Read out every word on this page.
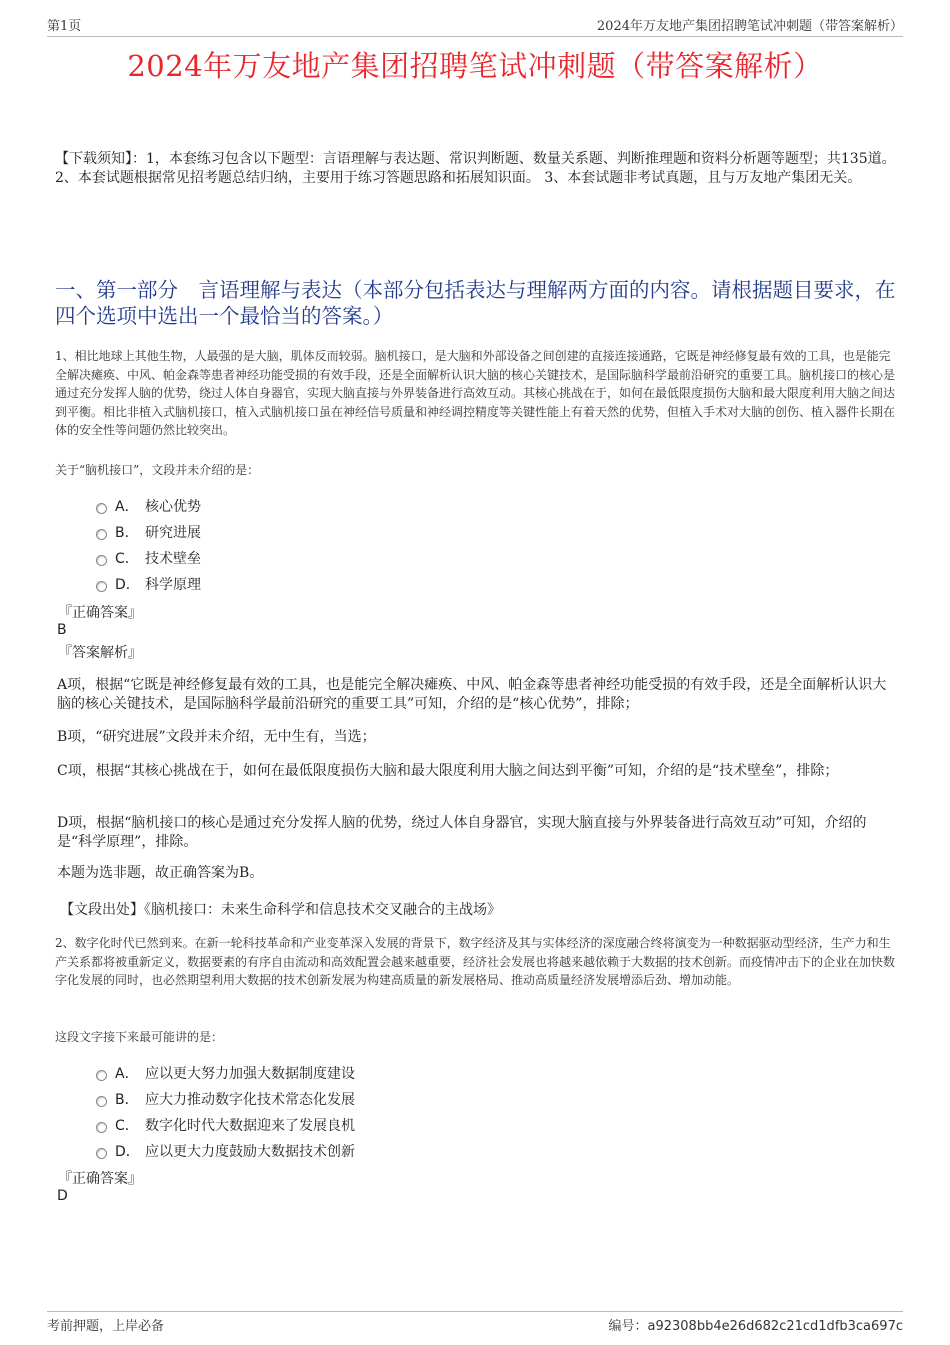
第1页	2024年万友地产集团招聘笔试冲刺题（带答案解析）
2024年万友地产集团招聘笔试冲刺题（带答案解析）
【下载须知】：1，本套练习包含以下题型：言语理解与表达题、常识判断题、数量关系题、判断推理题和资料分析题等题型；共135道。 2、本套试题根据常见招考题总结归纳，主要用于练习答题思路和拓展知识面。 3、本套试题非考试真题，且与万友地产集团无关。
一、第一部分　言语理解与表达（本部分包括表达与理解两方面的内容。请根据题目要求，在四个选项中选出一个最恰当的答案。）
1、相比地球上其他生物，人最强的是大脑，肌体反而较弱。脑机接口，是大脑和外部设备之间创建的直接连接通路，它既是神经修复最有效的工具，也是能完全解决瘫痪、中风、帕金森等患者神经功能受损的有效手段，还是全面解析认识大脑的核心关键技术，是国际脑科学最前沿研究的重要工具。脑机接口的核心是通过充分发挥人脑的优势，绕过人体自身器官，实现大脑直接与外界装备进行高效互动。其核心挑战在于，如何在最低限度损伤大脑和最大限度利用大脑之间达到平衡。相比非植入式脑机接口，植入式脑机接口虽在神经信号质量和神经调控精度等关键性能上有着天然的优势，但植入手术对大脑的创伤、植入器件长期在体的安全性等问题仍然比较突出。
关于“脑机接口”，文段并未介绍的是：
A． 核心优势
B． 研究进展
C． 技术壁垒
D． 科学原理
『正确答案』
B
『答案解析』
A项，根据“它既是神经修复最有效的工具，也是能完全解决瘫痪、中风、帕金森等患者神经功能受损的有效手段，还是全面解析认识大脑的核心关键技术，是国际脑科学最前沿研究的重要工具”可知，介绍的是“核心优势”，排除；
B项，“研究进展”文段并未介绍，无中生有，当选；
C项，根据“其核心挑战在于，如何在最低限度损伤大脑和最大限度利用大脑之间达到平衡”可知，介绍的是“技术壁垒”，排除；
D项，根据“脑机接口的核心是通过充分发挥人脑的优势，绕过人体自身器官，实现大脑直接与外界装备进行高效互动”可知，介绍的是“科学原理”，排除。
本题为选非题，故正确答案为B。
【文段出处】《脑机接口：未来生命科学和信息技术交叉融合的主战场》
2、数字化时代已然到来。在新一轮科技革命和产业变革深入发展的背景下，数字经济及其与实体经济的深度融合终将演变为一种数据驱动型经济，生产力和生产关系都将被重新定义，数据要素的有序自由流动和高效配置会越来越重要，经济社会发展也将越来越依赖于大数据的技术创新。而疫情冲击下的企业在加快数字化发展的同时，也必然期望利用大数据的技术创新发展为构建高质量的新发展格局、推动高质量经济发展增添后劲、增加动能。
这段文字接下来最可能讲的是：
A． 应以更大努力加强大数据制度建设
B． 应大力推动数字化技术常态化发展
C． 数字化时代大数据迎来了发展良机
D． 应以更大力度鼓励大数据技术创新
『正确答案』
D
考前押题，上岸必备	编号：a92308bb4e26d682c21cd1dfb3ca697c
